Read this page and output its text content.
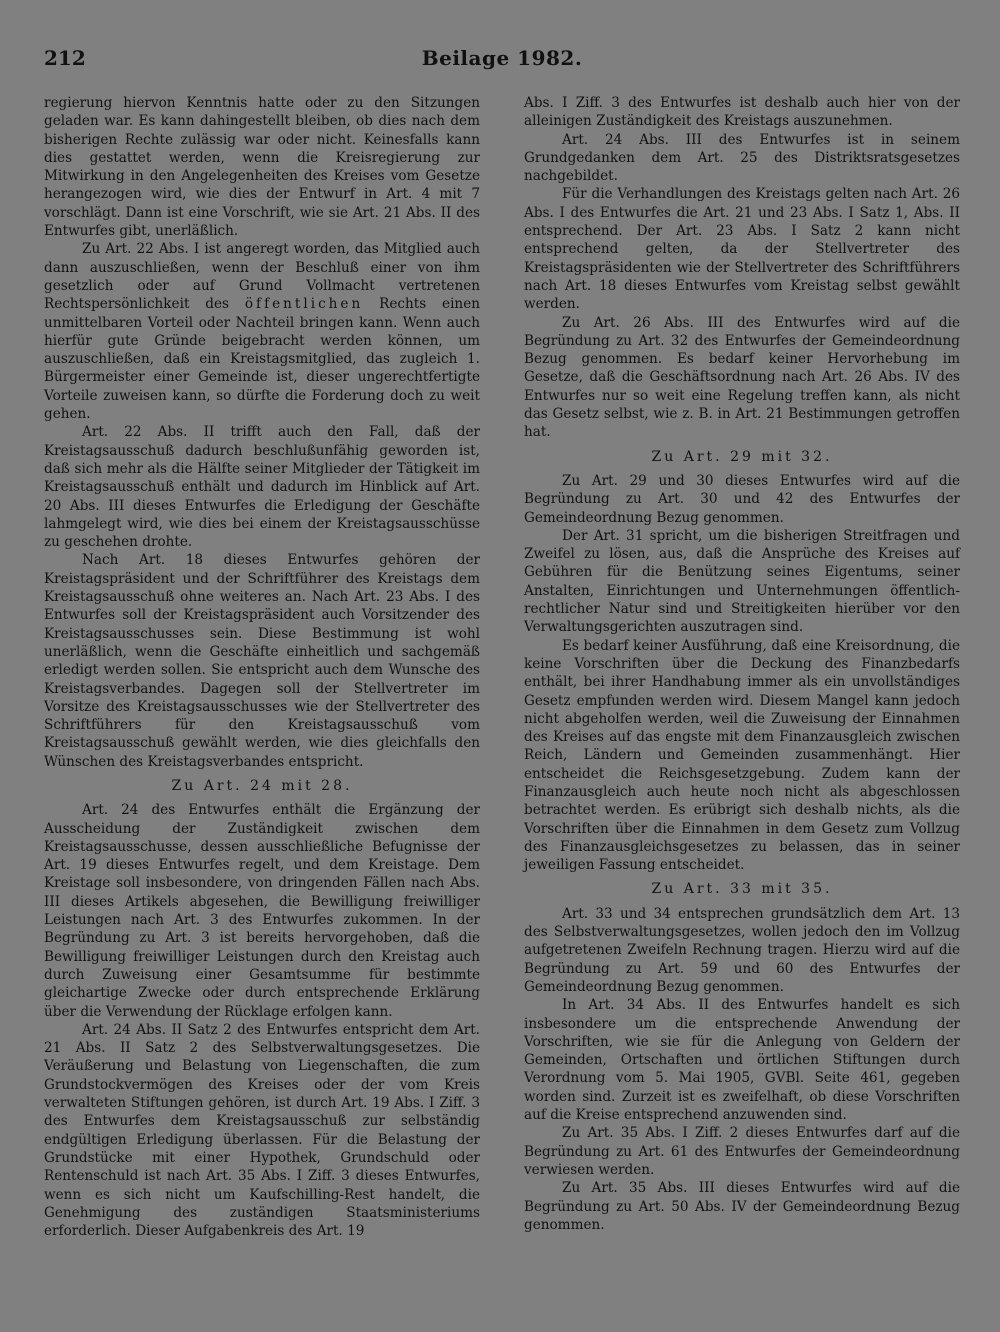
212	Beilage 1982.

regierung hiervon Kenntnis hatte oder zu den Sitzungen geladen war. Es kann dahingestellt bleiben, ob dies nach dem bisherigen Rechte zulässig war oder nicht. Keinesfalls kann dies gestattet werden, wenn die Kreisregierung zur Mitwirkung in den Angelegenheiten des Kreises vom Gesetze herangezogen wird, wie dies der Entwurf in Art. 4 mit 7 vorschlägt. Dann ist eine Vorschrift, wie sie Art. 21 Abs. II des Entwurfes gibt, unerläßlich.

Zu Art. 22 Abs. I ist angeregt worden, das Mitglied auch dann auszuschließen, wenn der Beschluß einer von ihm gesetzlich oder auf Grund Vollmacht vertretenen Rechtspersönlichkeit des öffentlichen Rechts einen unmittelbaren Vorteil oder Nachteil bringen kann. Wenn auch hierfür gute Gründe beigebracht werden können, um auszuschließen, daß ein Kreistagsmitglied, das zugleich 1. Bürgermeister einer Gemeinde ist, dieser ungerechtfertigte Vorteile zuweisen kann, so dürfte die Forderung doch zu weit gehen.

Art. 22 Abs. II trifft auch den Fall, daß der Kreistagsausschuß dadurch beschlußunfähig geworden ist, daß sich mehr als die Hälfte seiner Mitglieder der Tätigkeit im Kreistagsausschuß enthält und dadurch im Hinblick auf Art. 20 Abs. III dieses Entwurfes die Erledigung der Geschäfte lahmgelegt wird, wie dies bei einem der Kreistagsausschüsse zu geschehen drohte.

Nach Art. 18 dieses Entwurfes gehören der Kreistagspräsident und der Schriftführer des Kreistags dem Kreistagsausschuß ohne weiteres an. Nach Art. 23 Abs. I des Entwurfes soll der Kreistagspräsident auch Vorsitzender des Kreistagsausschusses sein. Diese Bestimmung ist wohl unerläßlich, wenn die Geschäfte einheitlich und sachgemäß erledigt werden sollen. Sie entspricht auch dem Wunsche des Kreistagsverbandes. Dagegen soll der Stellvertreter im Vorsitze des Kreistagsausschusses wie der Stellvertreter des Schriftführers für den Kreistagsausschuß vom Kreistagsausschuß gewählt werden, wie dies gleichfalls den Wünschen des Kreistagsverbandes entspricht.

Zu Art. 24 mit 28.

Art. 24 des Entwurfes enthält die Ergänzung der Ausscheidung der Zuständigkeit zwischen dem Kreistagsausschusse, dessen ausschließliche Befugnisse der Art. 19 dieses Entwurfes regelt, und dem Kreistage. Dem Kreistage soll insbesondere, von dringenden Fällen nach Abs. III dieses Artikels abgesehen, die Bewilligung freiwilliger Leistungen nach Art. 3 des Entwurfes zukommen. In der Begründung zu Art. 3 ist bereits hervorgehoben, daß die Bewilligung freiwilliger Leistungen durch den Kreistag auch durch Zuweisung einer Gesamtsumme für bestimmte gleichartige Zwecke oder durch entsprechende Erklärung über die Verwendung der Rücklage erfolgen kann.

Art. 24 Abs. II Satz 2 des Entwurfes entspricht dem Art. 21 Abs. II Satz 2 des Selbstverwaltungsgesetzes. Die Veräußerung und Belastung von Liegenschaften, die zum Grundstockvermögen des Kreises oder der vom Kreis verwalteten Stiftungen gehören, ist durch Art. 19 Abs. I Ziff. 3 des Entwurfes dem Kreistagsausschuß zur selbständig endgültigen Erledigung überlassen. Für die Belastung der Grundstücke mit einer Hypothek, Grundschuld oder Rentenschuld ist nach Art. 35 Abs. I Ziff. 3 dieses Entwurfes, wenn es sich nicht um Kaufschilling-Rest handelt, die Genehmigung des zuständigen Staatsministeriums erforderlich. Dieser Aufgabenkreis des Art. 19

Abs. I Ziff. 3 des Entwurfes ist deshalb auch hier von der alleinigen Zuständigkeit des Kreistags auszunehmen.

Art. 24 Abs. III des Entwurfes ist in seinem Grundgedanken dem Art. 25 des Distriktsratsgesetzes nachgebildet.

Für die Verhandlungen des Kreistags gelten nach Art. 26 Abs. I des Entwurfes die Art. 21 und 23 Abs. I Satz 1, Abs. II entsprechend. Der Art. 23 Abs. I Satz 2 kann nicht entsprechend gelten, da der Stellvertreter des Kreistagspräsidenten wie der Stellvertreter des Schriftführers nach Art. 18 dieses Entwurfes vom Kreistag selbst gewählt werden.

Zu Art. 26 Abs. III des Entwurfes wird auf die Begründung zu Art. 32 des Entwurfes der Gemeindeordnung Bezug genommen. Es bedarf keiner Hervorhebung im Gesetze, daß die Geschäftsordnung nach Art. 26 Abs. IV des Entwurfes nur so weit eine Regelung treffen kann, als nicht das Gesetz selbst, wie z. B. in Art. 21 Bestimmungen getroffen hat.

Zu Art. 29 mit 32.

Zu Art. 29 und 30 dieses Entwurfes wird auf die Begründung zu Art. 30 und 42 des Entwurfes der Gemeindeordnung Bezug genommen.

Der Art. 31 spricht, um die bisherigen Streitfragen und Zweifel zu lösen, aus, daß die Ansprüche des Kreises auf Gebühren für die Benützung seines Eigentums, seiner Anstalten, Einrichtungen und Unternehmungen öffentlich-rechtlicher Natur sind und Streitigkeiten hierüber vor den Verwaltungsgerichten auszutragen sind.

Es bedarf keiner Ausführung, daß eine Kreisordnung, die keine Vorschriften über die Deckung des Finanzbedarfs enthält, bei ihrer Handhabung immer als ein unvollständiges Gesetz empfunden werden wird. Diesem Mangel kann jedoch nicht abgeholfen werden, weil die Zuweisung der Einnahmen des Kreises auf das engste mit dem Finanzausgleich zwischen Reich, Ländern und Gemeinden zusammenhängt. Hier entscheidet die Reichsgesetzgebung. Zudem kann der Finanzausgleich auch heute noch nicht als abgeschlossen betrachtet werden. Es erübrigt sich deshalb nichts, als die Vorschriften über die Einnahmen in dem Gesetz zum Vollzug des Finanzausgleichsgesetzes zu belassen, das in seiner jeweiligen Fassung entscheidet.

Zu Art. 33 mit 35.

Art. 33 und 34 entsprechen grundsätzlich dem Art. 13 des Selbstverwaltungsgesetzes, wollen jedoch den im Vollzug aufgetretenen Zweifeln Rechnung tragen. Hierzu wird auf die Begründung zu Art. 59 und 60 des Entwurfes der Gemeindeordnung Bezug genommen.

In Art. 34 Abs. II des Entwurfes handelt es sich insbesondere um die entsprechende Anwendung der Vorschriften, wie sie für die Anlegung von Geldern der Gemeinden, Ortschaften und örtlichen Stiftungen durch Verordnung vom 5. Mai 1905, GVBl. Seite 461, gegeben worden sind. Zurzeit ist es zweifelhaft, ob diese Vorschriften auf die Kreise entsprechend anzuwenden sind.

Zu Art. 35 Abs. I Ziff. 2 dieses Entwurfes darf auf die Begründung zu Art. 61 des Entwurfes der Gemeindeordnung verwiesen werden.

Zu Art. 35 Abs. III dieses Entwurfes wird auf die Begründung zu Art. 50 Abs. IV der Gemeindeordnung Bezug genommen.
